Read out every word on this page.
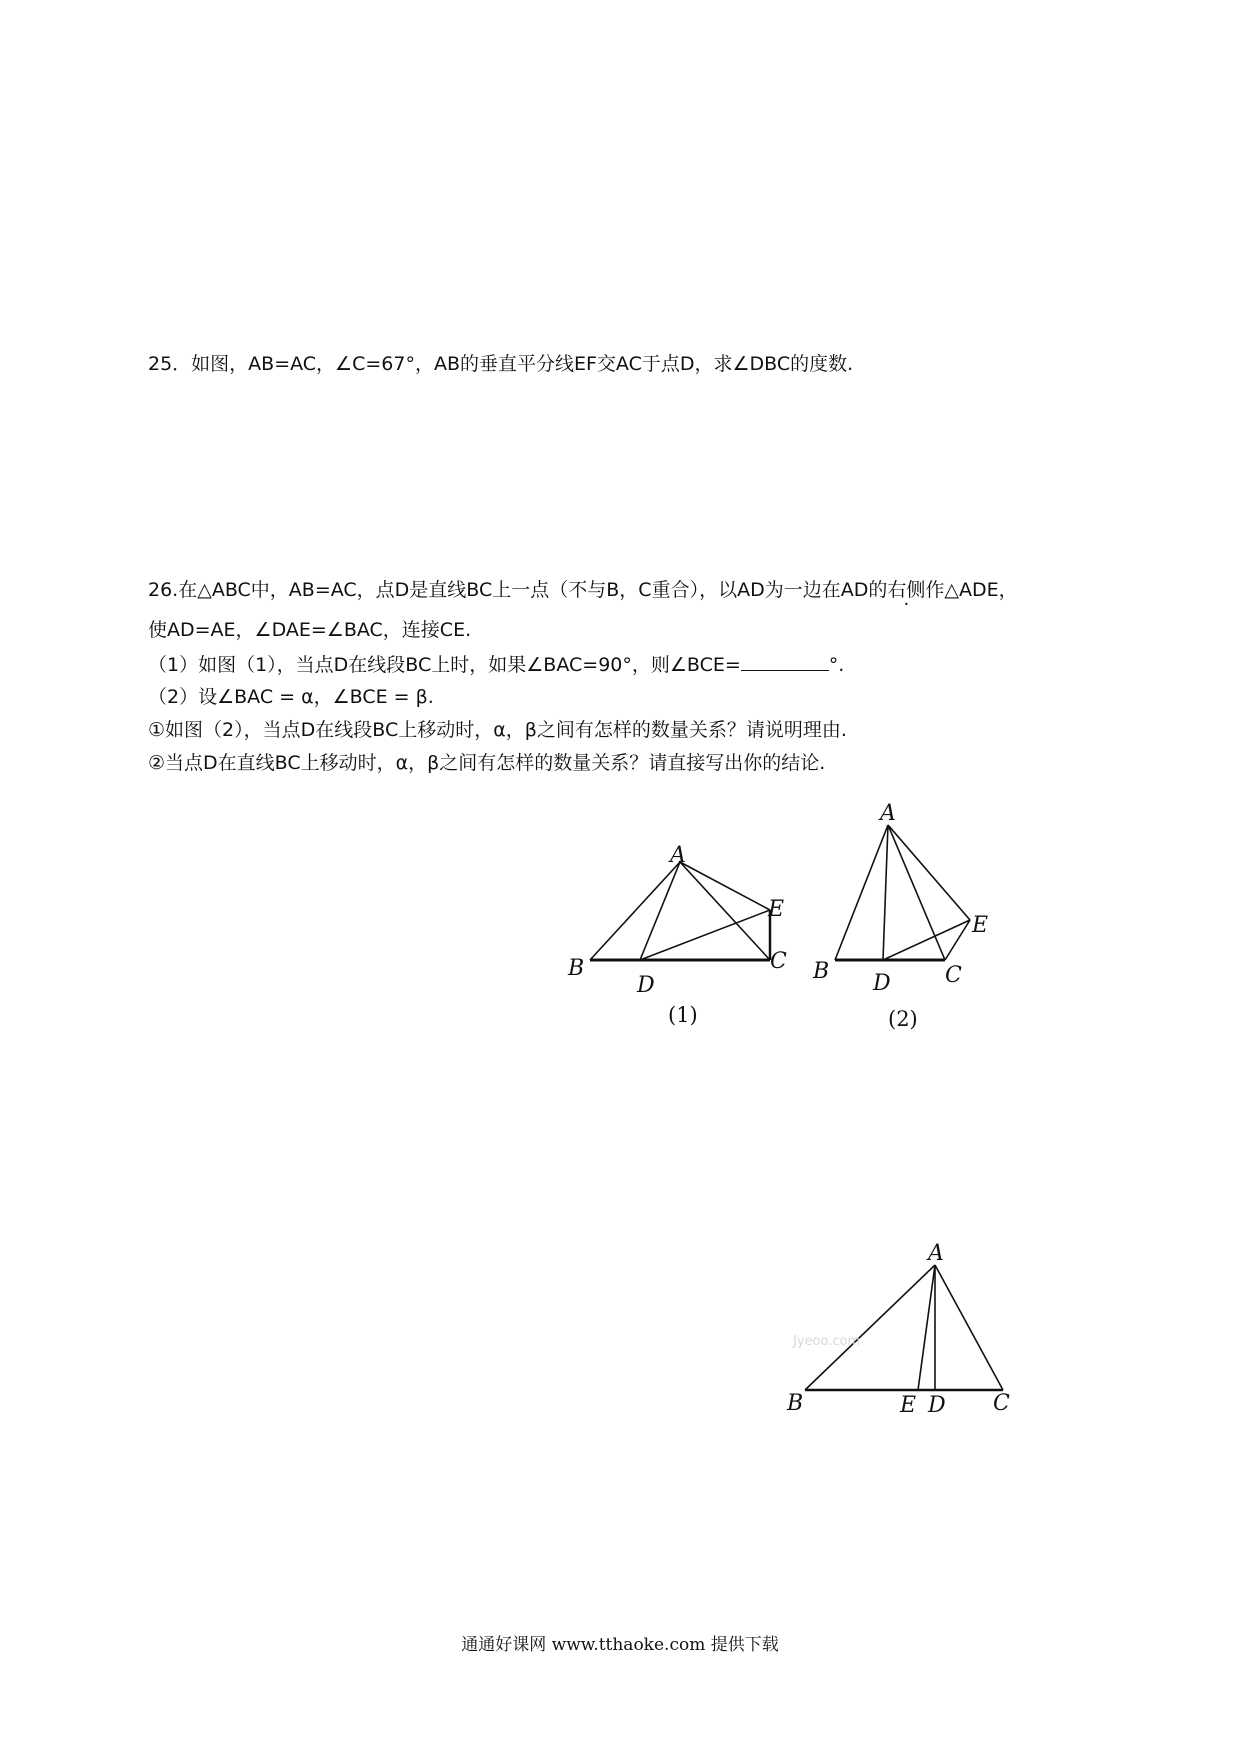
25．如图，AB=AC，∠C=67°，AB的垂直平分线EF交AC于点D，求∠DBC的度数.
26.在△ABC中，AB=AC，点D是直线BC上一点（不与B，C重合），以AD为一边在AD的右侧作△ADE，
使AD=AE，∠DAE=∠BAC，连接CE.
（1）如图（1），当点D在线段BC上时，如果∠BAC=90°，则∠BCE=	°.
（2）设∠BAC = α，∠BCE = β.
①如图（2），当点D在线段BC上移动时，α，β之间有怎样的数量关系？请说明理由.
②当点D在直线BC上移动时，α，β之间有怎样的数量关系？请直接写出你的结论.
A
B	C
D
E
(1)
A
B	C
D
E
(2)
Jyeoo.com
A
B	C
D
E
通通好课网 www.tthaoke.com 提供下载
